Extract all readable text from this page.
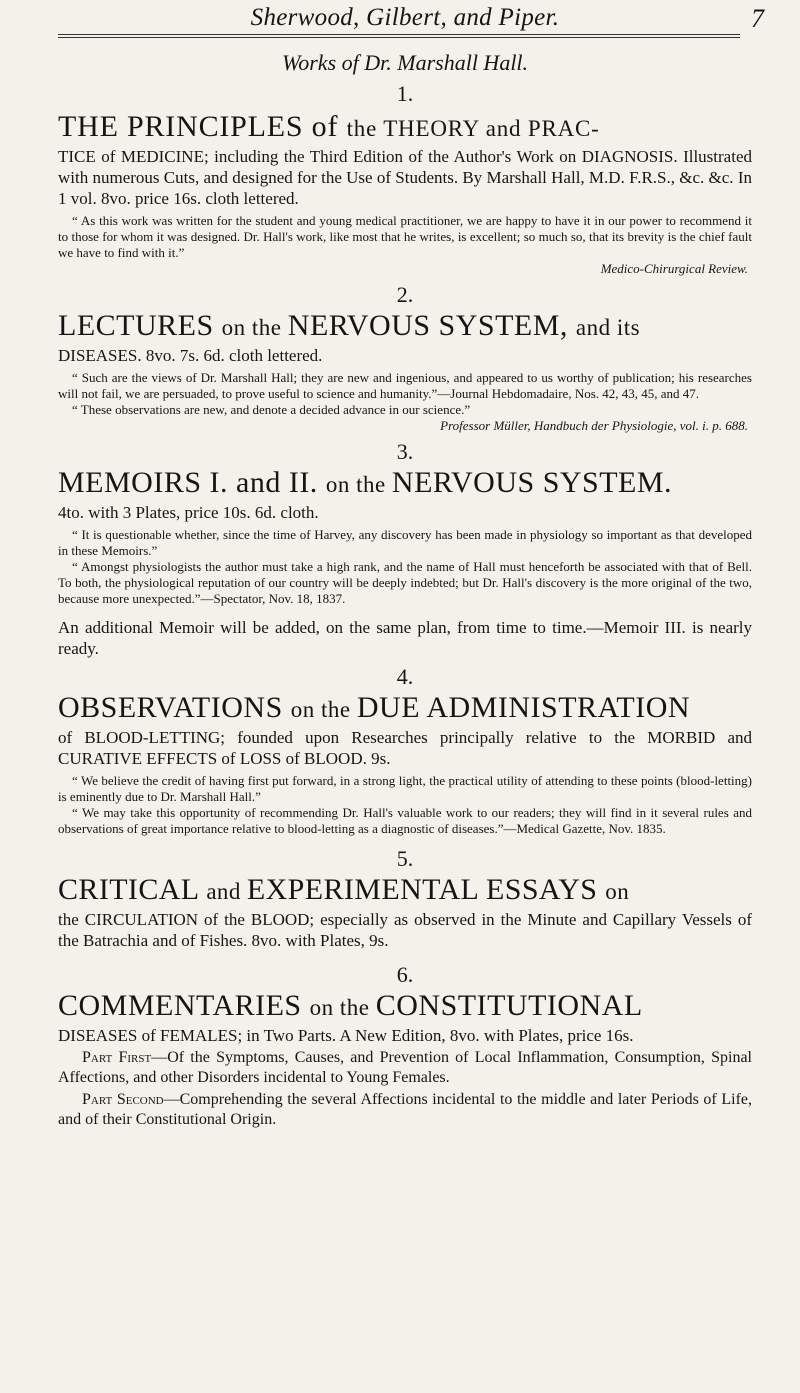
Sherwood, Gilbert, and Piper.	7
Works of Dr. Marshall Hall.
1.
THE PRINCIPLES of the THEORY and PRAC-
TICE of MEDICINE; including the Third Edition of the Author's Work on DIAGNOSIS. Illustrated with numerous Cuts, and designed for the Use of Students. By Marshall Hall, M.D. F.R.S., &c. &c. In 1 vol. 8vo. price 16s. cloth lettered.
“ As this work was written for the student and young medical practitioner, we are happy to have it in our power to recommend it to those for whom it was designed. Dr. Hall's work, like most that he writes, is excellent; so much so, that its brevity is the chief fault we have to find with it.”
Medico-Chirurgical Review.
2.
LECTURES on the NERVOUS SYSTEM, and its
DISEASES. 8vo. 7s. 6d. cloth lettered.
“ Such are the views of Dr. Marshall Hall; they are new and ingenious, and appeared to us worthy of publication; his researches will not fail, we are persuaded, to prove useful to science and humanity.”—Journal Hebdomadaire, Nos. 42, 43, 45, and 47.
“ These observations are new, and denote a decided advance in our science.”
Professor Müller, Handbuch der Physiologie, vol. i. p. 688.
3.
MEMOIRS I. and II. on the NERVOUS SYSTEM.
4to. with 3 Plates, price 10s. 6d. cloth.
“ It is questionable whether, since the time of Harvey, any discovery has been made in physiology so important as that developed in these Memoirs.”
“ Amongst physiologists the author must take a high rank, and the name of Hall must henceforth be associated with that of Bell. To both, the physiological reputation of our country will be deeply indebted; but Dr. Hall's discovery is the more original of the two, because more unexpected.”—Spectator, Nov. 18, 1837.
An additional Memoir will be added, on the same plan, from time to time.—Memoir III. is nearly ready.
4.
OBSERVATIONS on the DUE ADMINISTRATION
of BLOOD-LETTING; founded upon Researches principally relative to the MORBID and CURATIVE EFFECTS of LOSS of BLOOD. 9s.
“ We believe the credit of having first put forward, in a strong light, the practical utility of attending to these points (blood-letting) is eminently due to Dr. Marshall Hall.”
“ We may take this opportunity of recommending Dr. Hall's valuable work to our readers; they will find in it several rules and observations of great importance relative to blood-letting as a diagnostic of diseases.”—Medical Gazette, Nov. 1835.
5.
CRITICAL and EXPERIMENTAL ESSAYS on
the CIRCULATION of the BLOOD; especially as observed in the Minute and Capillary Vessels of the Batrachia and of Fishes. 8vo. with Plates, 9s.
6.
COMMENTARIES on the CONSTITUTIONAL
DISEASES of FEMALES; in Two Parts. A New Edition, 8vo. with Plates, price 16s.
Part First—Of the Symptoms, Causes, and Prevention of Local Inflammation, Consumption, Spinal Affections, and other Disorders incidental to Young Females.
Part Second—Comprehending the several Affections incidental to the middle and later Periods of Life, and of their Constitutional Origin.
